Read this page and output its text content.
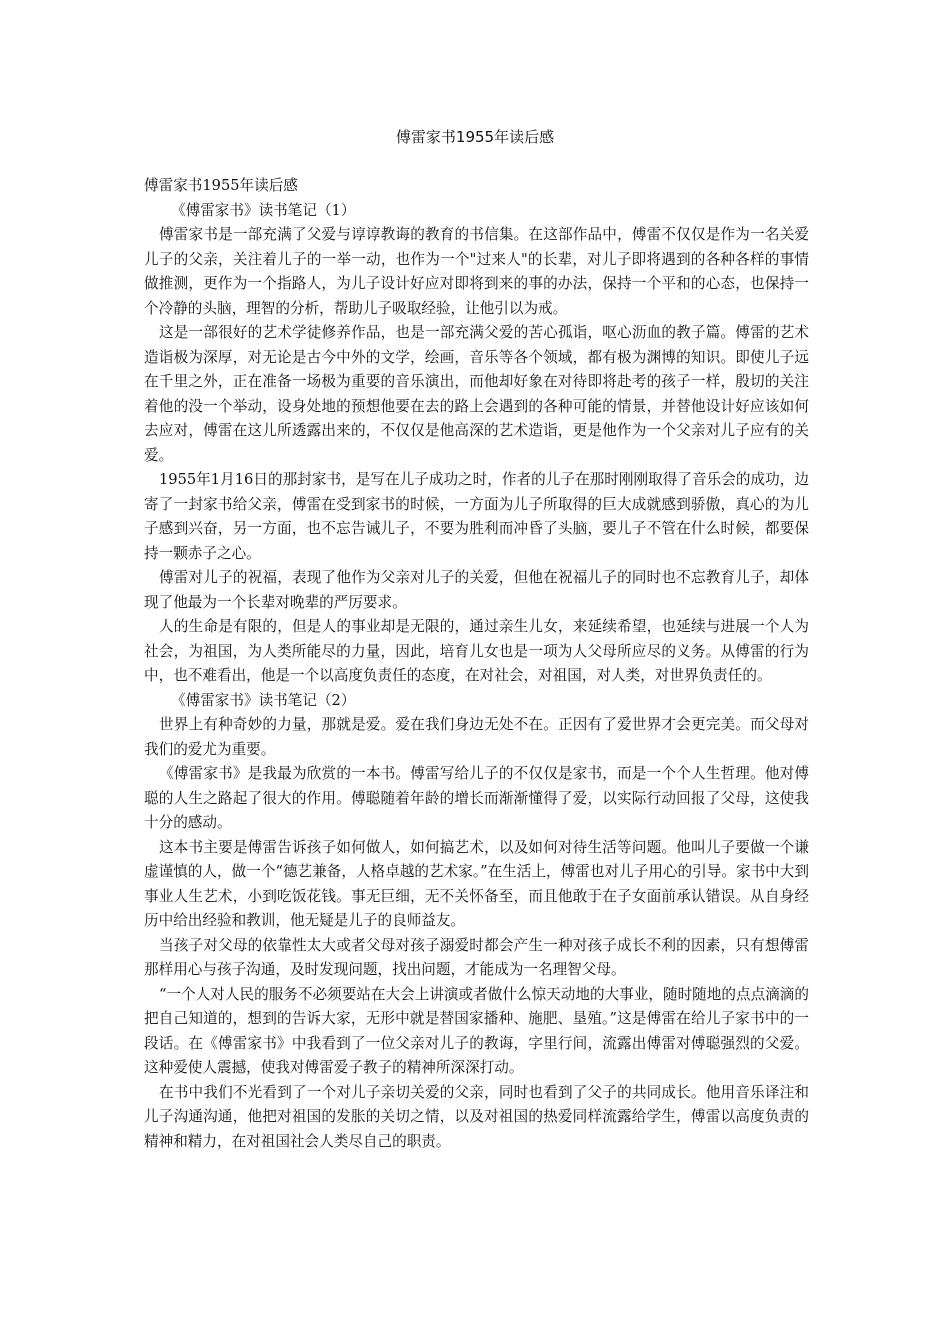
傅雷家书1955年读后感

傅雷家书1955年读后感

《傅雷家书》读书笔记（1）

傅雷家书是一部充满了父爱与谆谆教诲的教育的书信集。在这部作品中，傅雷不仅仅是作为一名关爱儿子的父亲，关注着儿子的一举一动，也作为一个"过来人"的长辈，对儿子即将遇到的各种各样的事情做推测，更作为一个指路人，为儿子设计好应对即将到来的事的办法，保持一个平和的心态，也保持一个冷静的头脑，理智的分析，帮助儿子吸取经验，让他引以为戒。

这是一部很好的艺术学徒修养作品，也是一部充满父爱的苦心孤诣，呕心沥血的教子篇。傅雷的艺术造诣极为深厚，对无论是古今中外的文学，绘画，音乐等各个领域，都有极为渊博的知识。即使儿子远在千里之外，正在准备一场极为重要的音乐演出，而他却好象在对待即将赴考的孩子一样，殷切的关注着他的没一个举动，设身处地的预想他要在去的路上会遇到的各种可能的情景，并替他设计好应该如何去应对，傅雷在这儿所透露出来的，不仅仅是他高深的艺术造诣，更是他作为一个父亲对儿子应有的关爱。

1955年1月16日的那封家书，是写在儿子成功之时，作者的儿子在那时刚刚取得了音乐会的成功，边寄了一封家书给父亲，傅雷在受到家书的时候，一方面为儿子所取得的巨大成就感到骄傲，真心的为儿子感到兴奋，另一方面，也不忘告诫儿子，不要为胜利而冲昏了头脑，要儿子不管在什么时候，都要保持一颗赤子之心。

傅雷对儿子的祝福，表现了他作为父亲对儿子的关爱，但他在祝福儿子的同时也不忘教育儿子，却体现了他最为一个长辈对晚辈的严厉要求。

人的生命是有限的，但是人的事业却是无限的，通过亲生儿女，来延续希望，也延续与进展一个人为社会，为祖国，为人类所能尽的力量，因此，培育儿女也是一项为人父母所应尽的义务。从傅雷的行为中，也不难看出，他是一个以高度负责任的态度，在对社会，对祖国，对人类，对世界负责任的。

《傅雷家书》读书笔记（2）

世界上有种奇妙的力量，那就是爱。爱在我们身边无处不在。正因有了爱世界才会更完美。而父母对我们的爱尤为重要。

《傅雷家书》是我最为欣赏的一本书。傅雷写给儿子的不仅仅是家书，而是一个个人生哲理。他对傅聪的人生之路起了很大的作用。傅聪随着年龄的增长而渐渐懂得了爱，以实际行动回报了父母，这使我十分的感动。

这本书主要是傅雷告诉孩子如何做人，如何搞艺术，以及如何对待生活等问题。他叫儿子要做一个谦虚谨慎的人，做一个“德艺兼备，人格卓越的艺术家。”在生活上，傅雷也对儿子用心的引导。家书中大到事业人生艺术，小到吃饭花钱。事无巨细，无不关怀备至，而且他敢于在子女面前承认错误。从自身经历中给出经验和教训，他无疑是儿子的良师益友。

当孩子对父母的依靠性太大或者父母对孩子溺爱时都会产生一种对孩子成长不利的因素，只有想傅雷那样用心与孩子沟通，及时发现问题，找出问题，才能成为一名理智父母。

“一个人对人民的服务不必须要站在大会上讲演或者做什么惊天动地的大事业，随时随地的点点滴滴的把自己知道的，想到的告诉大家，无形中就是替国家播种、施肥、垦殖。”这是傅雷在给儿子家书中的一段话。在《傅雷家书》中我看到了一位父亲对儿子的教诲，字里行间，流露出傅雷对傅聪强烈的父爱。这种爱使人震撼，使我对傅雷爱子教子的精神所深深打动。

在书中我们不光看到了一个对儿子亲切关爱的父亲，同时也看到了父子的共同成长。他用音乐译注和儿子沟通沟通，他把对祖国的发胀的关切之情，以及对祖国的热爱同样流露给学生，傅雷以高度负责的精神和精力，在对祖国社会人类尽自己的职责。
